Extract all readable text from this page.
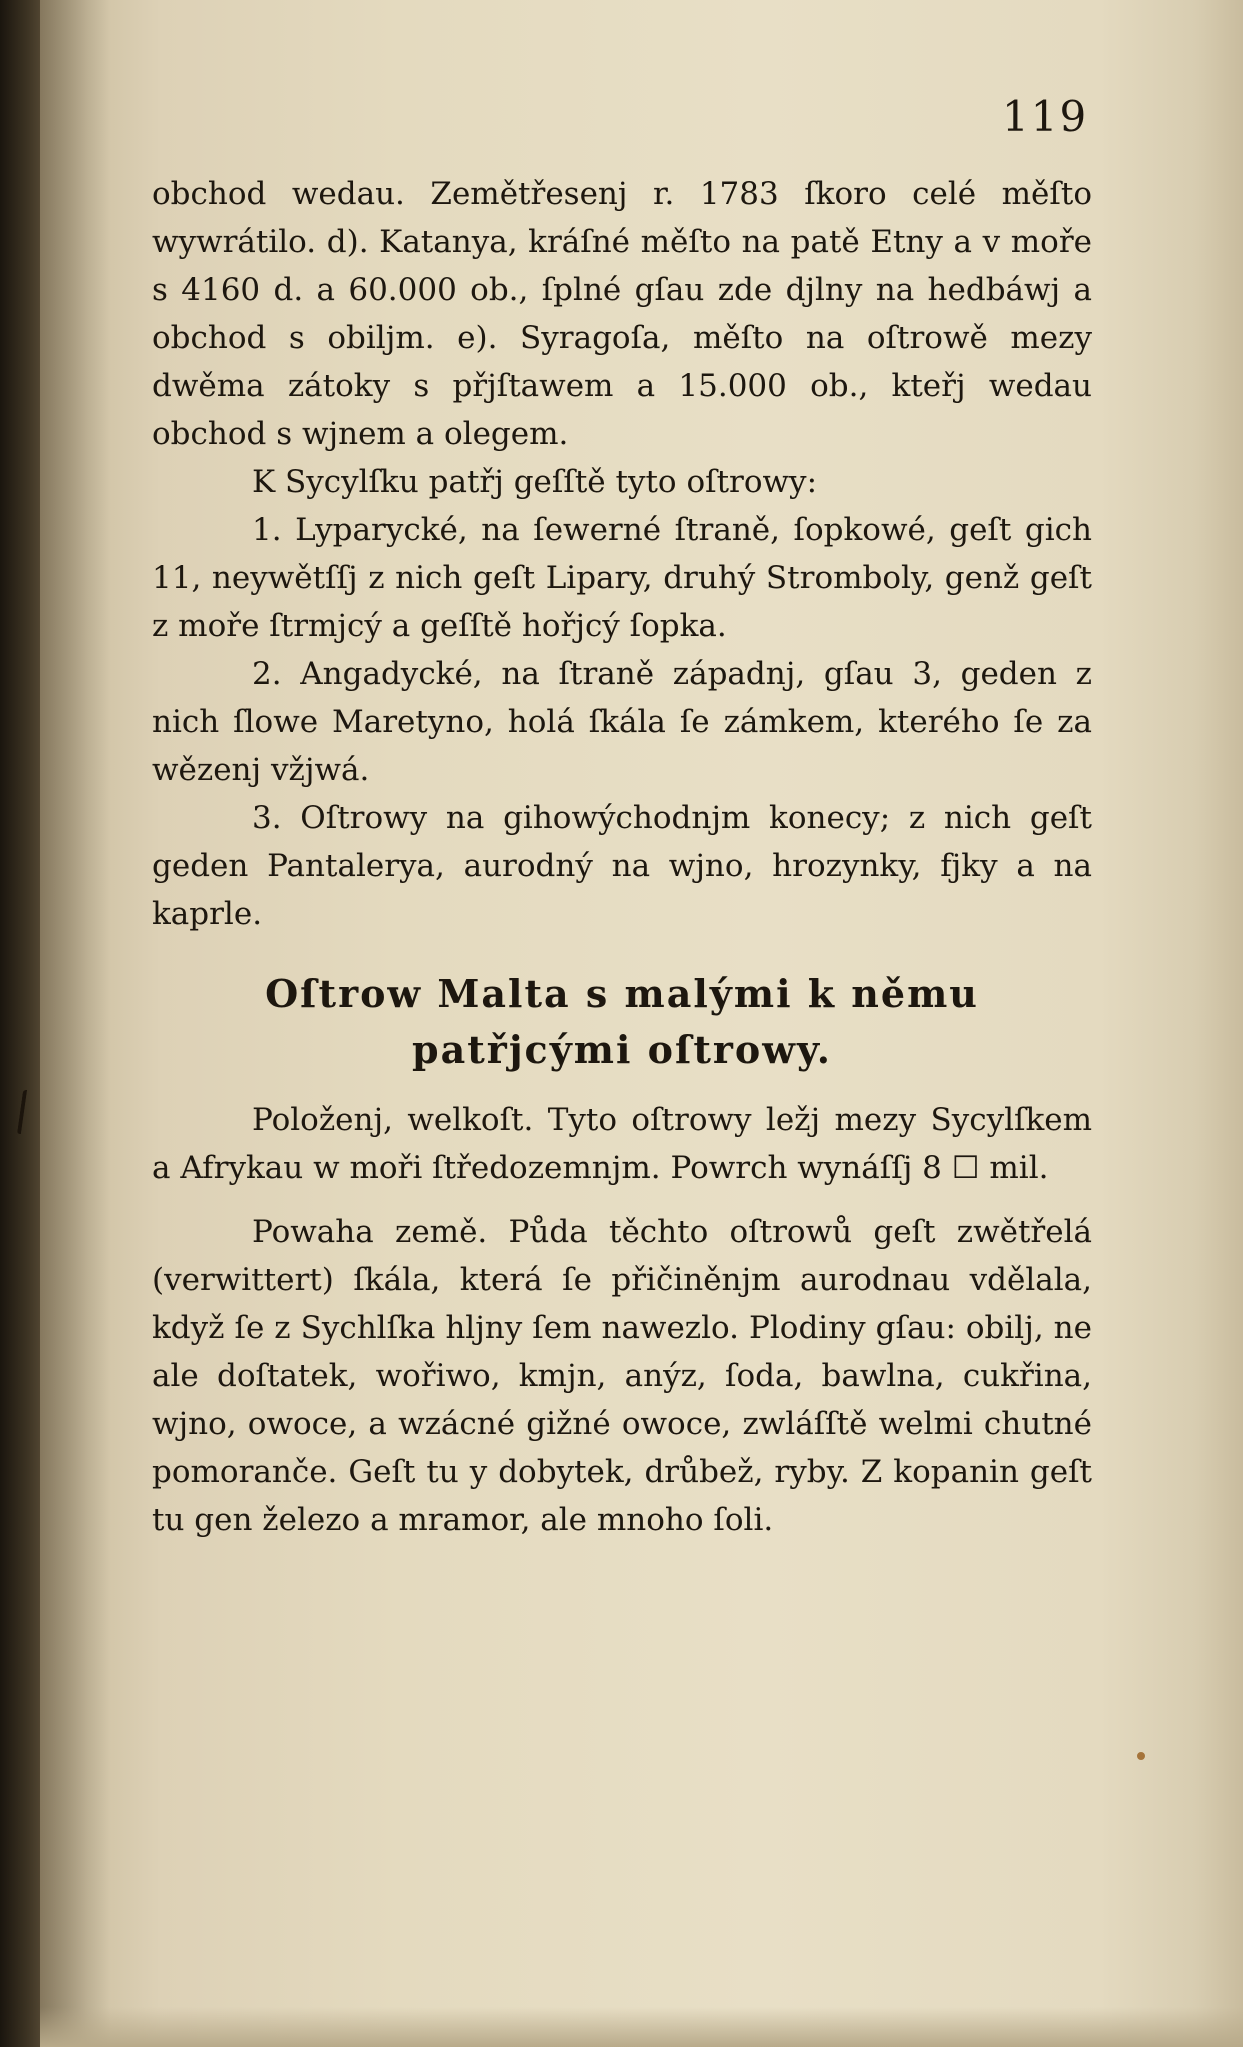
119

obchod wedau. Zemětřesenj r. 1783 ſkoro celé měſto wywrátilo. d). Katanya, kráſné měſto na patě Etny a v moře s 4160 d. a 60.000 ob., ſplné gſau zde djlny na hedbáwj a obchod s obiljm. e). Syragoſa, měſto na oſtrowě mezy dwěma zátoky s přjſtawem a 15.000 ob., kteřj wedau obchod s wjnem a olegem.

K Sycylſku patřj geſſtě tyto oſtrowy:

1. Lyparycké, na ſewerné ſtraně, ſopkowé, geſt gich 11, neywětſſj z nich geſt Lipary, druhý Stromboly, genž geſt z moře ſtrmjcý a geſſtě hořjcý ſopka.

2. Angadycké, na ſtraně západnj, gſau 3, geden z nich ſlowe Maretyno, holá ſkála ſe zámkem, kterého ſe za wězenj vžjwá.

3. Oſtrowy na gihowýchodnjm konecy; z nich geſt geden Pantalerya, aurodný na wjno, hrozynky, fjky a na kaprle.

Oſtrow Malta s malými k němu patřjcými oſtrowy.

Položenj, welkoſt. Tyto oſtrowy ležj mezy Sycylſkem a Afrykau w moři ſtředozemnjm. Powrch wynáſſj 8 ☐ mil.

Powaha země. Půda těchto oſtrowů geſt zwětřelá (verwittert) ſkála, která ſe přičiněnjm aurodnau vdělala, když ſe z Sychlſka hljny ſem nawezlo. Plodiny gſau: obilj, ne ale doſtatek, wořiwo, kmjn, anýz, ſoda, bawlna, cukřina, wjno, owoce, a wzácné gižné owoce, zwláſſtě welmi chutné pomoranče. Geſt tu y dobytek, drůbež, ryby. Z kopanin geſt tu gen železo a mramor, ale mnoho ſoli.
